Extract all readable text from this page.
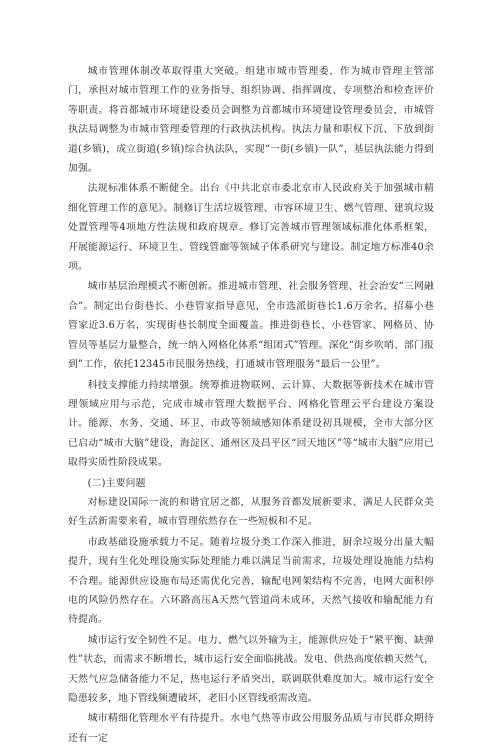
城市管理体制改革取得重大突破。组建市城市管理委，作为城市管理主管部门，承担对城市管理工作的业务指导、组织协调、指挥调度、专项整治和检查评价等职责。将首都城市环境建设委员会调整为首都城市环境建设管理委员会，市城管执法局调整为市城市管理委管理的行政执法机构。执法力量和职权下沉、下放到街道(乡镇)，成立街道(乡镇)综合执法队，实现“一街(乡镇)一队”，基层执法能力得到加强。

法规标准体系不断健全。出台《中共北京市委北京市人民政府关于加强城市精细化管理工作的意见》。制修订生活垃圾管理、市容环境卫生、燃气管理、建筑垃圾处置管理等4项地方性法规和政府规章。修订完善城市管理领域标准化体系框架，开展能源运行、环境卫生、管线管廊等领域子体系研究与建设。制定地方标准40余项。

城市基层治理模式不断创新。推进城市管理、社会服务管理、社会治安“三网融合”。制定出台街巷长、小巷管家指导意见，全市选派街巷长1.6万余名，招募小巷管家近3.6万名，实现街巷长制度全面覆盖。推进街巷长、小巷管家、网格员、协管员等基层力量整合，统一纳入网格化体系“组团式”管理。深化“街乡吹哨、部门报到”工作，依托12345市民服务热线，打通城市管理服务“最后一公里”。

科技支撑能力持续增强。统筹推进物联网、云计算、大数据等新技术在城市管理领域应用与示范，完成市城市管理大数据平台、网格化管理云平台建设方案设计。能源、水务、交通、环卫、市政等领域感知体系建设初具规模，全市大部分区已启动“城市大脑”建设，海淀区、通州区及昌平区“回天地区”等“城市大脑”应用已取得实质性阶段成果。

(二)主要问题

对标建设国际一流的和谐宜居之都，从服务首都发展新要求、满足人民群众美好生活新需要来看，城市管理依然存在一些短板和不足。

市政基础设施承载力不足。随着垃圾分类工作深入推进，厨余垃圾分出量大幅提升，现有生化处理设施实际处理能力难以满足当前需求，垃圾处理设施能力结构不合理。能源供应设施布局还需优化完善，输配电网架结构不完善，电网大面积停电的风险仍然存在。六环路高压A天然气管道尚未成环，天然气接收和输配能力有待提高。

城市运行安全韧性不足。电力、燃气以外输为主，能源供应处于“紧平衡、缺弹性”状态，而需求不断增长，城市运行安全面临挑战。发电、供热高度依赖天然气，天然气应急储备能力不足，热电运行矛盾突出，联调联供难度加大。城市运行安全隐患较多，地下管线频遭破坏，老旧小区管线亟需改造。

城市精细化管理水平有待提升。水电气热等市政公用服务品质与市民群众期待还有一定
